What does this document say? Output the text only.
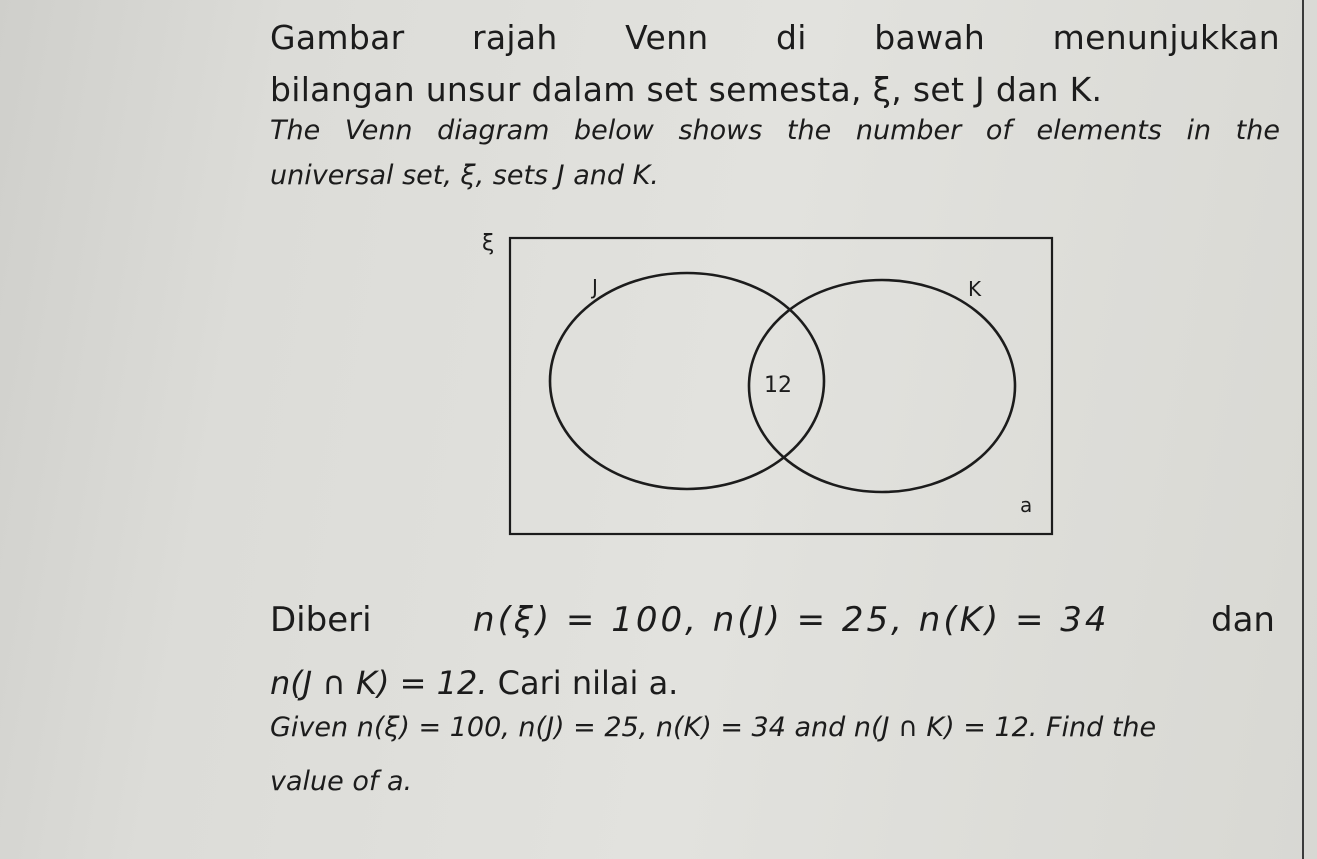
Gambar rajah Venn di bawah menunjukkan

bilangan unsur dalam set semesta, ξ, set J dan K.

The Venn diagram below shows the number of elements in the

universal set, ξ, sets J and K.

ξ
J	K
12
a

Diberi	n(ξ) = 100, n(J) = 25, n(K) = 34	dan

n(J ∩ K) = 12. Cari nilai a.

Given n(ξ) = 100, n(J) = 25, n(K) = 34 and n(J ∩ K) = 12. Find the

value of a.
